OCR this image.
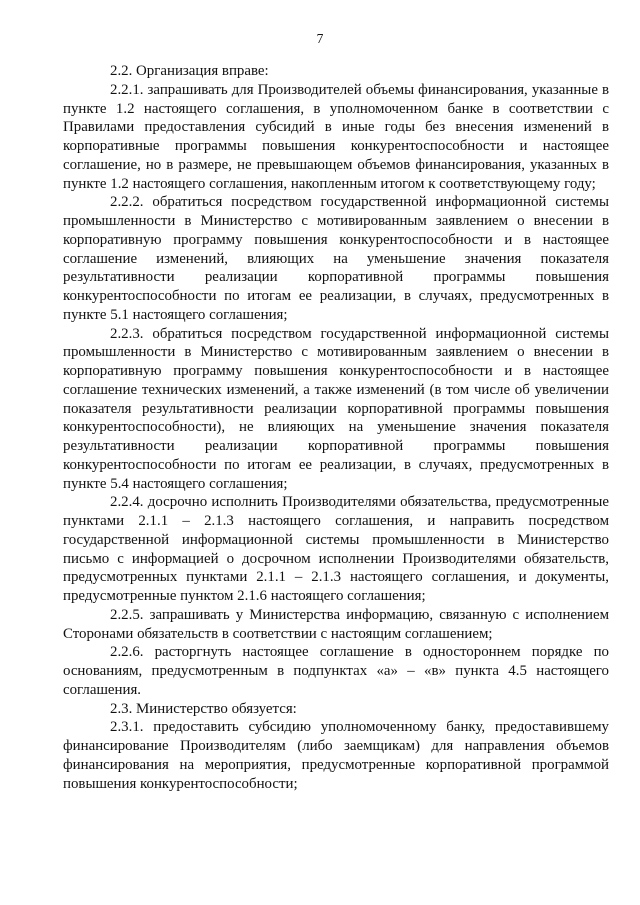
7

2.2. Организация вправе:

2.2.1. запрашивать для Производителей объемы финансирования, указанные в пункте 1.2 настоящего соглашения, в уполномоченном банке в соответствии с Правилами предоставления субсидий в иные годы без внесения изменений в корпоративные программы повышения конкурентоспособности и настоящее соглашение, но в размере, не превышающем объемов финансирования, указанных в пункте 1.2 настоящего соглашения, накопленным итогом к соответствующему году;

2.2.2. обратиться посредством государственной информационной системы промышленности в Министерство с мотивированным заявлением о внесении в корпоративную программу повышения конкурентоспособности и в настоящее соглашение изменений, влияющих на уменьшение значения показателя результативности реализации корпоративной программы повышения конкурентоспособности по итогам ее реализации, в случаях, предусмотренных в пункте 5.1 настоящего соглашения;

2.2.3. обратиться посредством государственной информационной системы промышленности в Министерство с мотивированным заявлением о внесении в корпоративную программу повышения конкурентоспособности и в настоящее соглашение технических изменений, а также изменений (в том числе об увеличении показателя результативности реализации корпоративной программы повышения конкурентоспособности), не влияющих на уменьшение значения показателя результативности реализации корпоративной программы повышения конкурентоспособности по итогам ее реализации, в случаях, предусмотренных в пункте 5.4 настоящего соглашения;

2.2.4. досрочно исполнить Производителями обязательства, предусмотренные пунктами 2.1.1 – 2.1.3 настоящего соглашения, и направить посредством государственной информационной системы промышленности в Министерство письмо с информацией о досрочном исполнении Производителями обязательств, предусмотренных пунктами 2.1.1 – 2.1.3 настоящего соглашения, и документы, предусмотренные пунктом 2.1.6 настоящего соглашения;

2.2.5. запрашивать у Министерства информацию, связанную с исполнением Сторонами обязательств в соответствии с настоящим соглашением;

2.2.6. расторгнуть настоящее соглашение в одностороннем порядке по основаниям, предусмотренным в подпунктах «а» – «в» пункта 4.5 настоящего соглашения.

2.3. Министерство обязуется:

2.3.1. предоставить субсидию уполномоченному банку, предоставившему финансирование Производителям (либо заемщикам) для направления объемов финансирования на мероприятия, предусмотренные корпоративной программой повышения конкурентоспособности;
